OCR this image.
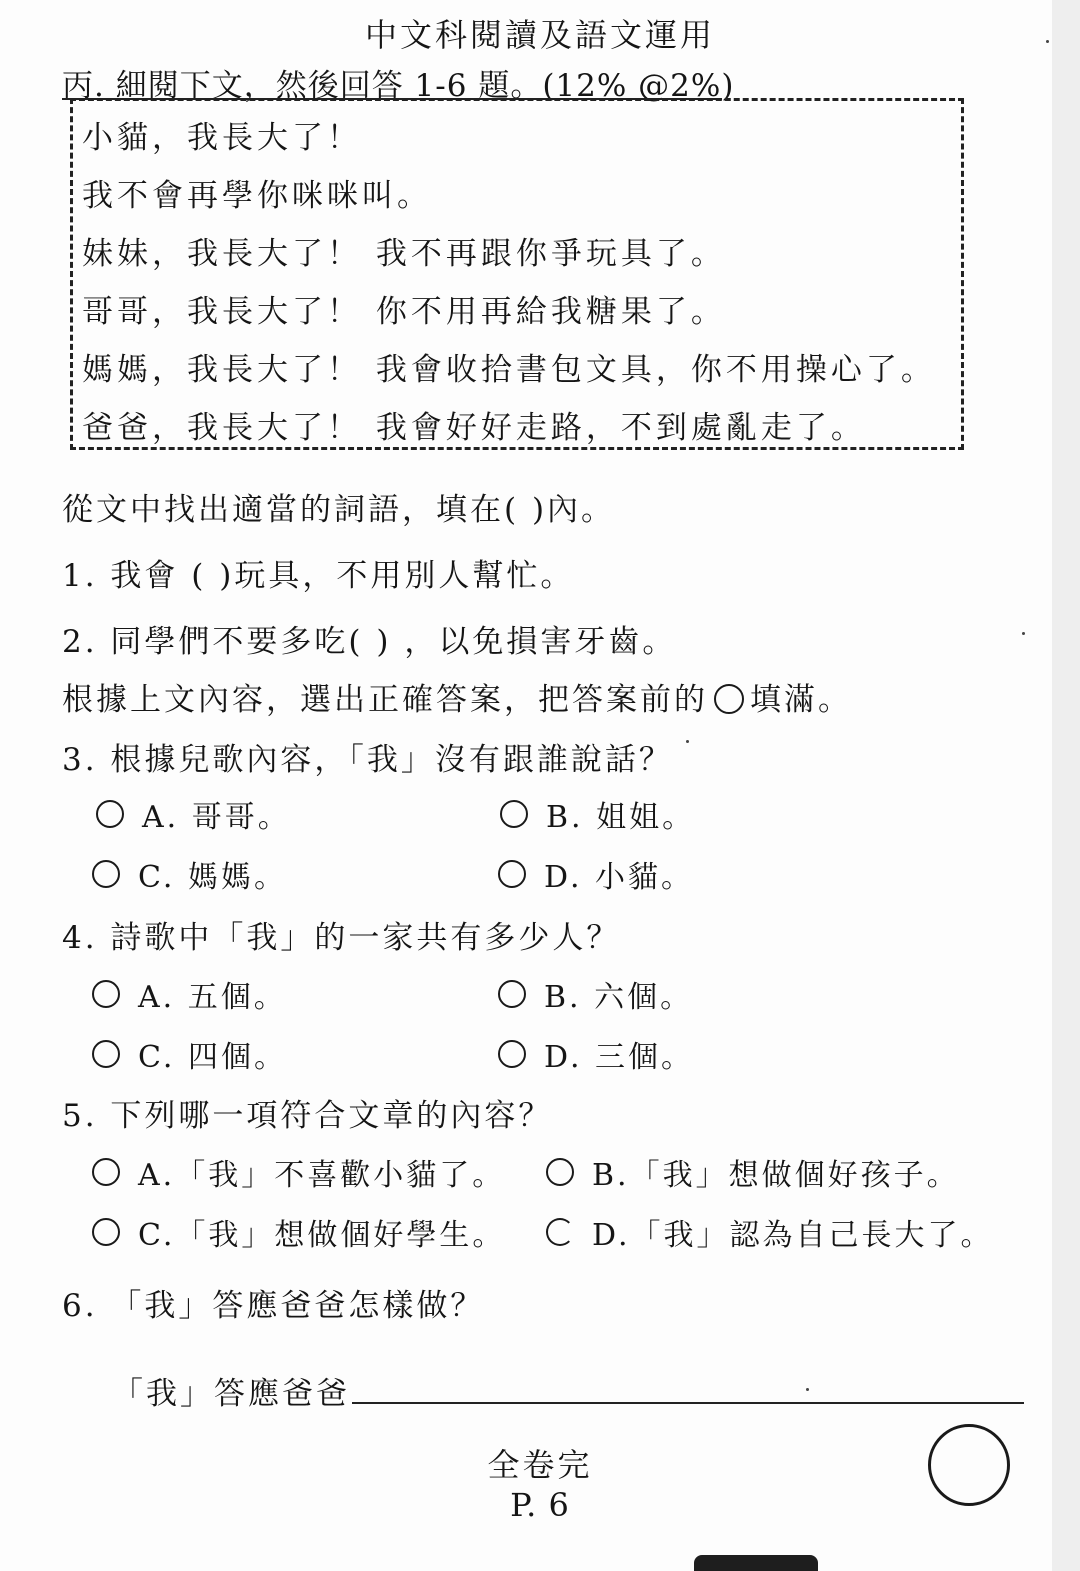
中文科閱讀及語文運用
丙. 細閱下文，然後回答 1-6 題。(12% @2%)
小貓，我長大了！
我不會再學你咪咪叫。
妹妹，我長大了！ 我不再跟你爭玩具了。
哥哥，我長大了！ 你不用再給我糖果了。
媽媽，我長大了！ 我會收拾書包文具，你不用操心了。
爸爸，我長大了！ 我會好好走路，不到處亂走了。
從文中找出適當的詞語，填在( )內。
1. 我會 ( )玩具，不用別人幫忙。
2. 同學們不要多吃( ) ，以免損害牙齒。
根據上文內容，選出正確答案，把答案前的 填滿。
3. 根據兒歌內容，「我」沒有跟誰說話？
A. 哥哥。	B. 姐姐。
C. 媽媽。	D. 小貓。
4. 詩歌中「我」的一家共有多少人？
A. 五個。	B. 六個。
C. 四個。	D. 三個。
5. 下列哪一項符合文章的內容？
A.「我」不喜歡小貓了。	B.「我」想做個好孩子。
C.「我」想做個好學生。	D.「我」認為自己長大了。
6. 「我」答應爸爸怎樣做？
「我」答應爸爸
全卷完
P. 6
